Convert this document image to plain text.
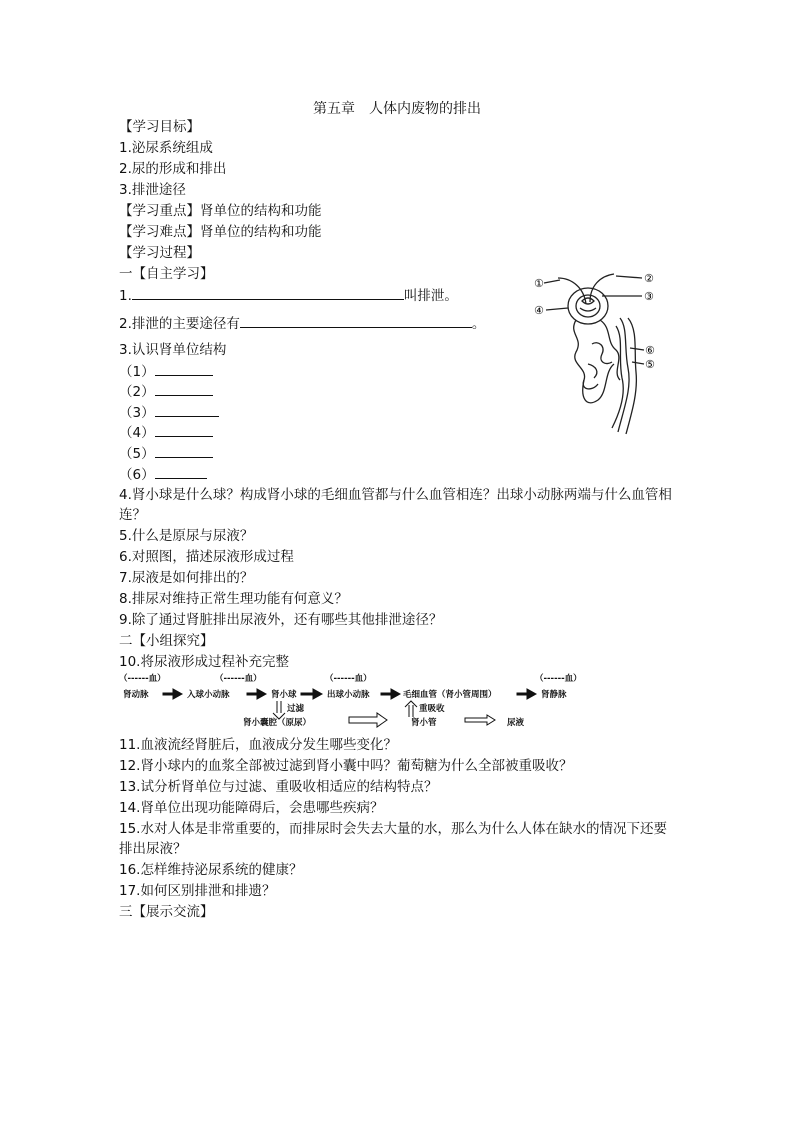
第五章　人体内废物的排出
【学习目标】
1.泌尿系统组成
2.尿的形成和排出
3.排泄途径
【学习重点】肾单位的结构和功能
【学习难点】肾单位的结构和功能
【学习过程】
一【自主学习】
1.	叫排泄。
2.排泄的主要途径有	。
3.认识肾单位结构
（1）
（2）
（3）
（4）
（5）
（6）
①	②
③
④
⑤
⑥
4.肾小球是什么球？构成肾小球的毛细血管都与什么血管相连？出球小动脉两端与什么血管相连？
5.什么是原尿与尿液？
6.对照图，描述尿液形成过程
7.尿液是如何排出的？
8.排尿对维持正常生理功能有何意义？
9.除了通过肾脏排出尿液外，还有哪些其他排泄途径？
二【小组探究】
10.将尿液形成过程补充完整
（------血）	（------血）	（------血）	（------血）
肾动脉	入球小动脉	肾小球	出球小动脉	毛细血管（肾小管周围）	肾静脉
过滤	重吸收
肾小囊腔（原尿）	肾小管	尿液
11.血液流经肾脏后，血液成分发生哪些变化？
12.肾小球内的血浆全部被过滤到肾小囊中吗？葡萄糖为什么全部被重吸收？
13.试分析肾单位与过滤、重吸收相适应的结构特点？
14.肾单位出现功能障碍后，会患哪些疾病？
15.水对人体是非常重要的，而排尿时会失去大量的水，那么为什么人体在缺水的情况下还要排出尿液？
16.怎样维持泌尿系统的健康？
17.如何区别排泄和排遗？
三【展示交流】
